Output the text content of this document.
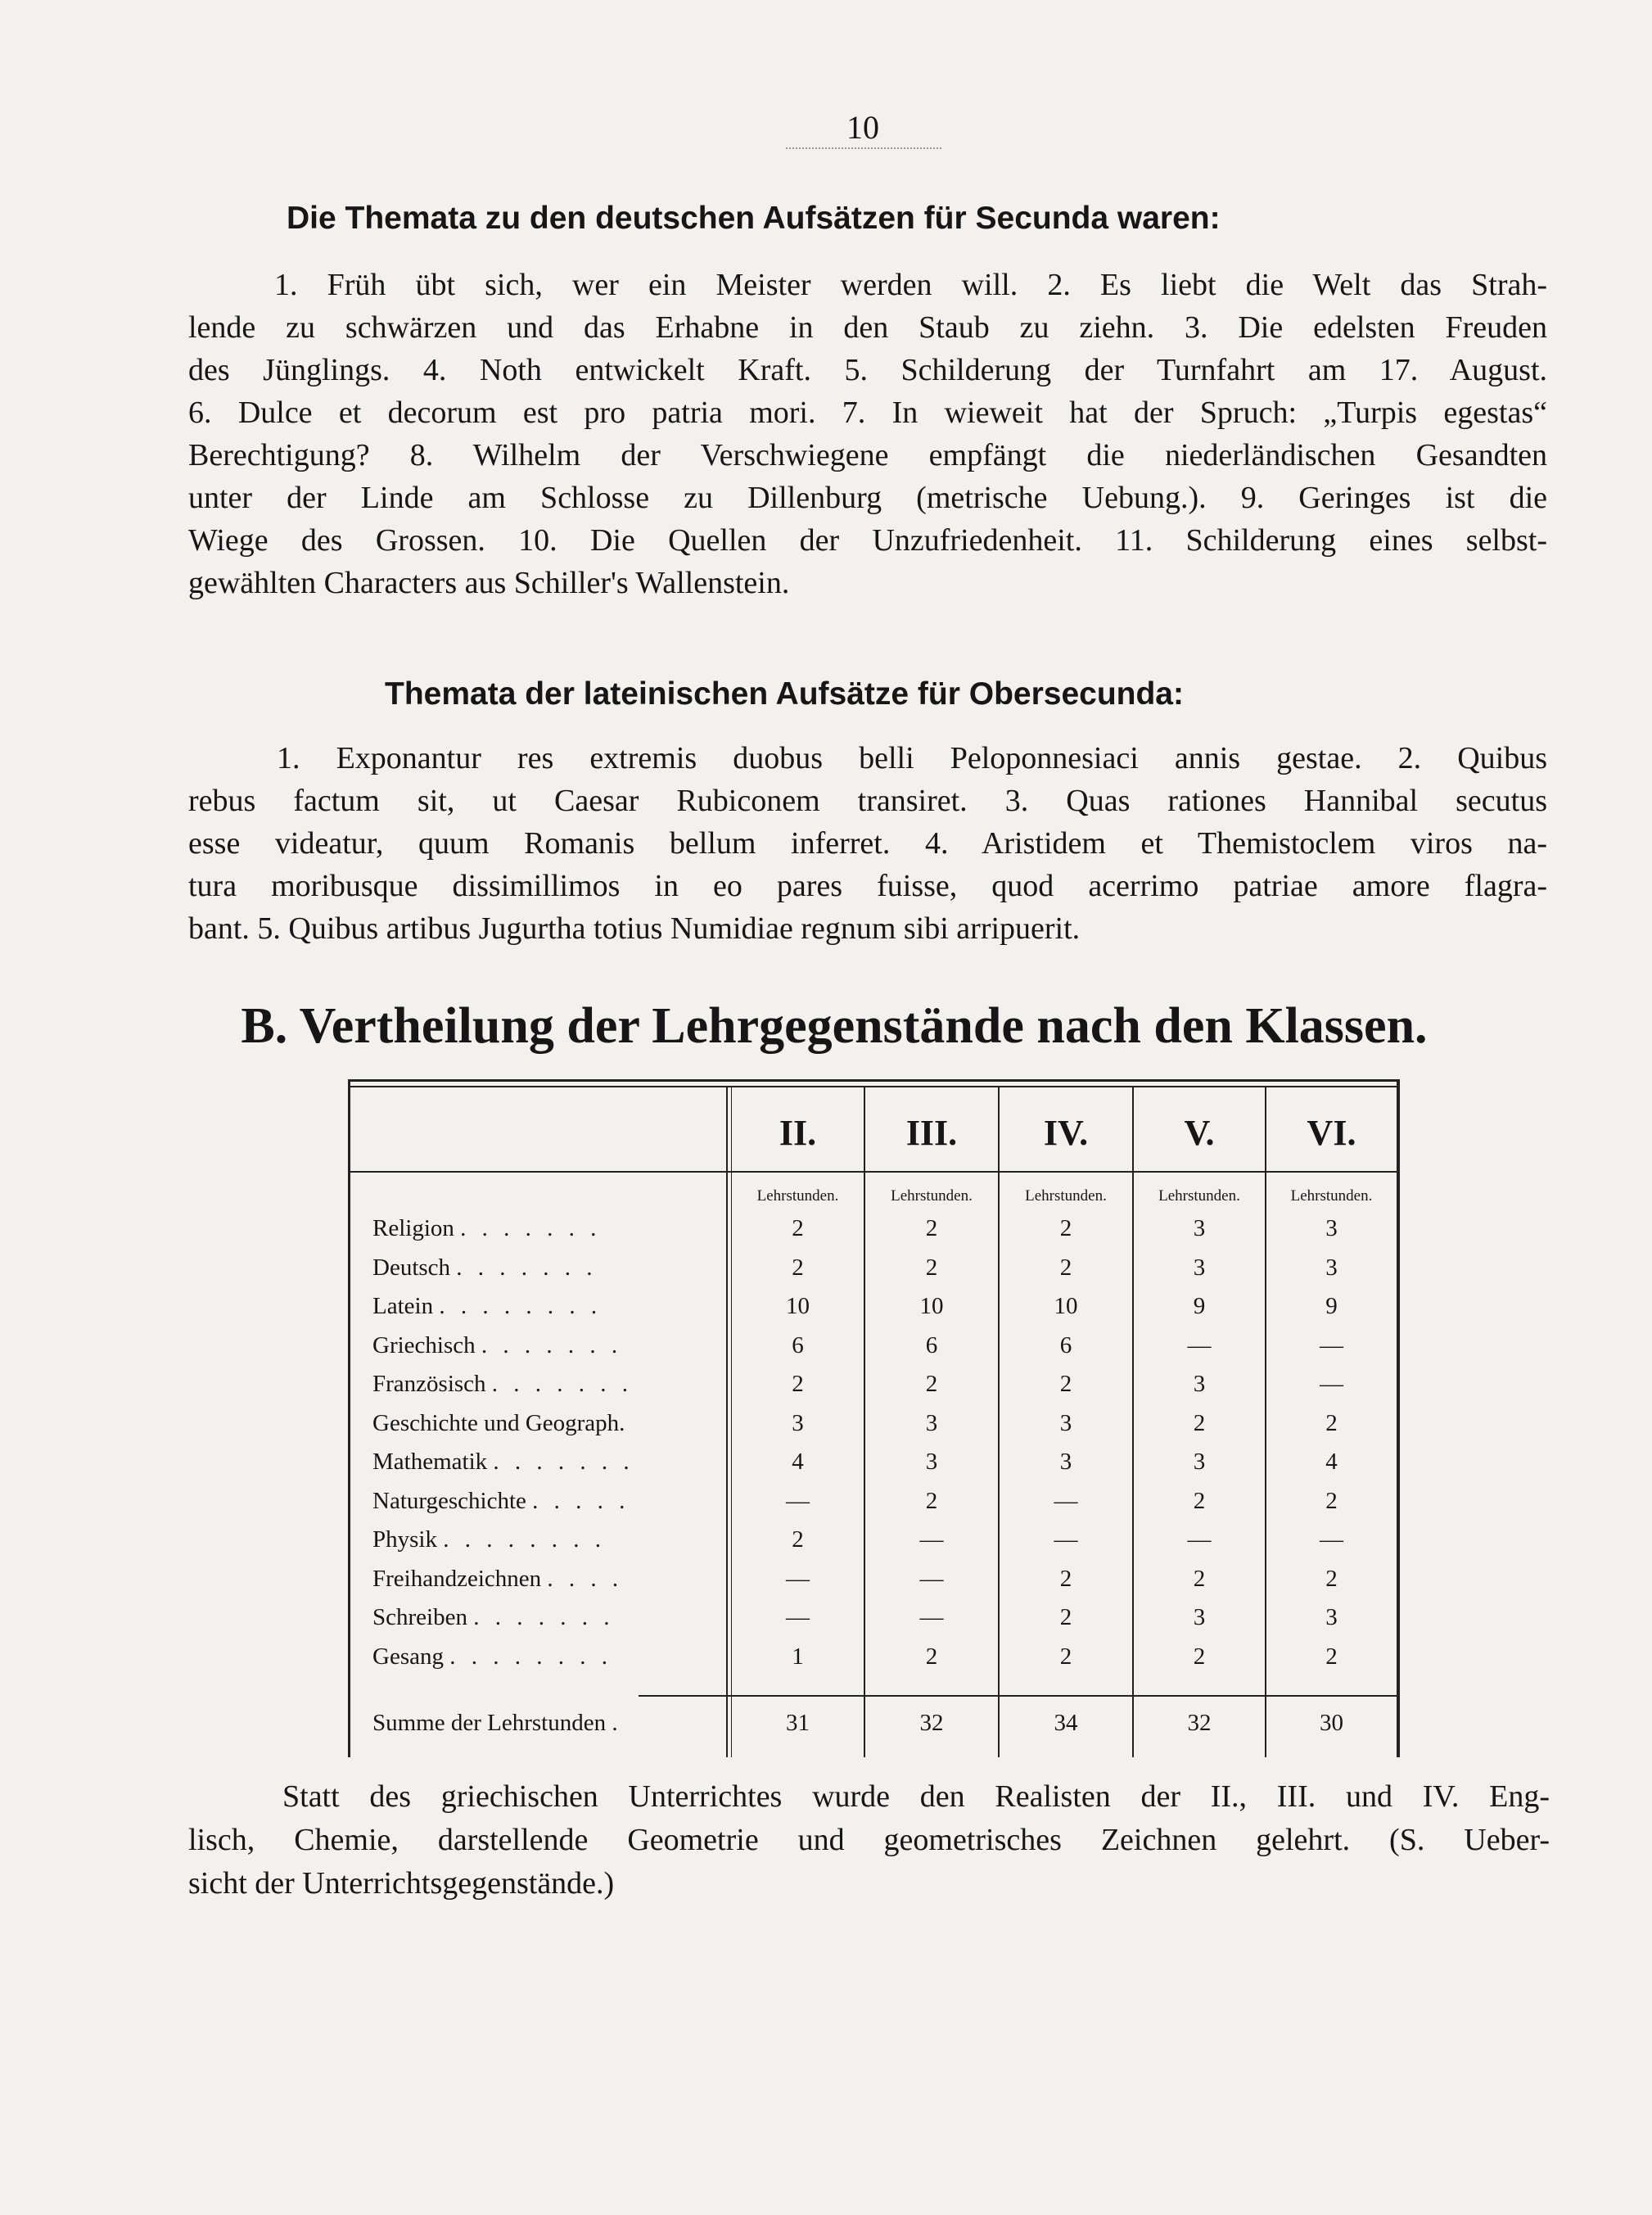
10
Die Themata zu den deutschen Aufsätzen für Secunda waren:
1. Früh übt sich, wer ein Meister werden will. 2. Es liebt die Welt das Strah-
lende zu schwärzen und das Erhabne in den Staub zu ziehn. 3. Die edelsten Freuden
des Jünglings. 4. Noth entwickelt Kraft. 5. Schilderung der Turnfahrt am 17. August.
6. Dulce et decorum est pro patria mori. 7. In wieweit hat der Spruch: „Turpis egestas“
Berechtigung? 8. Wilhelm der Verschwiegene empfängt die niederländischen Gesandten
unter der Linde am Schlosse zu Dillenburg (metrische Uebung.). 9. Geringes ist die
Wiege des Grossen. 10. Die Quellen der Unzufriedenheit. 11. Schilderung eines selbst-
gewählten Characters aus Schiller's Wallenstein.
Themata der lateinischen Aufsätze für Obersecunda:
1. Exponantur res extremis duobus belli Peloponnesiaci annis gestae. 2. Quibus
rebus factum sit, ut Caesar Rubiconem transiret. 3. Quas rationes Hannibal secutus
esse videatur, quum Romanis bellum inferret. 4. Aristidem et Themistoclem viros na-
tura moribusque dissimillimos in eo pares fuisse, quod acerrimo patriae amore flagra-
bant. 5. Quibus artibus Jugurtha totius Numidiae regnum sibi arripuerit.
B. Vertheilung der Lehrgegenstände nach den Klassen.
II.	III.	IV.	V.	VI.
Lehrstunden.	Lehrstunden.	Lehrstunden.	Lehrstunden.	Lehrstunden.
Religion . . . . . . .	2	2	2	3	3
Deutsch . . . . . . .	2	2	2	3	3
Latein . . . . . . . .	10	10	10	9	9
Griechisch . . . . . . .	6	6	6	—	—
Französisch . . . . . . .	2	2	2	3	—
Geschichte und Geograph.	3	3	3	2	2
Mathematik . . . . . . .	4	3	3	3	4
Naturgeschichte . . . . .	—	2	—	2	2
Physik . . . . . . . .	2	—	—	—	—
Freihandzeichnen . . . .	—	—	2	2	2
Schreiben . . . . . . .	—	—	2	3	3
Gesang . . . . . . . .	1	2	2	2	2
Summe der Lehrstunden .	31	32	34	32	30
Statt des griechischen Unterrichtes wurde den Realisten der II., III. und IV. Eng-
lisch, Chemie, darstellende Geometrie und geometrisches Zeichnen gelehrt. (S. Ueber-
sicht der Unterrichtsgegenstände.)
